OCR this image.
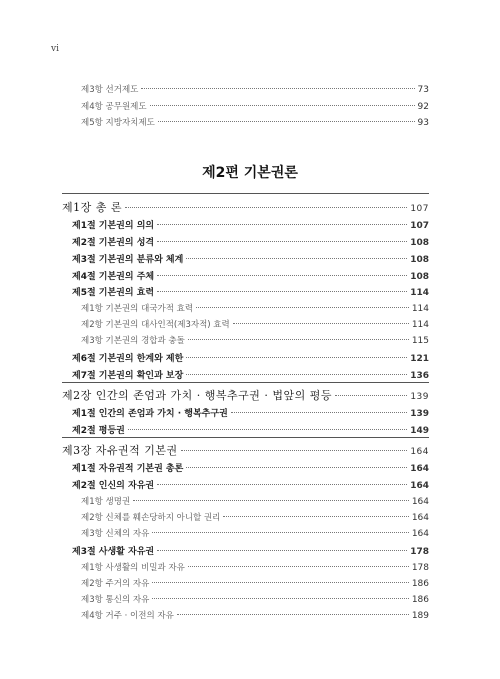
vi
제3항 선거제도	73
제4항 공무원제도	92
제5항 지방자치제도	93
제2편 기본권론
제1장 총 론	107
제1절 기본권의 의의	107
제2절 기본권의 성격	108
제3절 기본권의 분류와 체계	108
제4절 기본권의 주체	108
제5절 기본권의 효력	114
제1항 기본권의 대국가적 효력	114
제2항 기본권의 대사인적(제3자적) 효력	114
제3항 기본권의 경합과 충돌	115
제6절 기본권의 한계와 제한	121
제7절 기본권의 확인과 보장	136
제2장 인간의 존엄과 가치 · 행복추구권 · 법앞의 평등	139
제1절 인간의 존엄과 가치 · 행복추구권	139
제2절 평등권	149
제3장 자유권적 기본권	164
제1절 자유권적 기본권 총론	164
제2절 인신의 자유권	164
제1항 생명권	164
제2항 신체를 훼손당하지 아니할 권리	164
제3항 신체의 자유	164
제3절 사생활 자유권	178
제1항 사생활의 비밀과 자유	178
제2항 주거의 자유	186
제3항 통신의 자유	186
제4항 거주 · 이전의 자유	189
